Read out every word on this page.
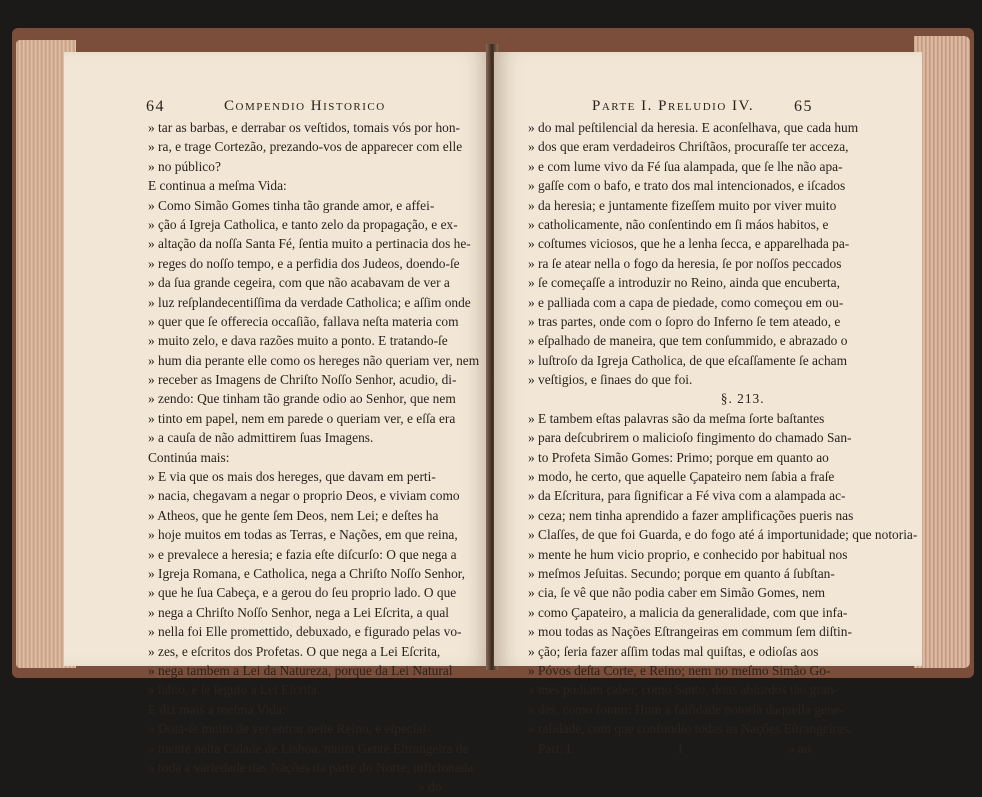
64	Compendio Historico
» tar as barbas, e derrabar os veſtidos, tomais vós por hon-
» ra, e trage Cortezão, prezando-vos de apparecer com elle
» no público?
E continua a meſma Vida:
» Como Simão Gomes tinha tão grande amor, e affei-
» ção á Igreja Catholica, e tanto zelo da propagação, e ex-
» altação da noſſa Santa Fé, ſentia muito a pertinacia dos he-
» reges do noſſo tempo, e a perfidia dos Judeos, doendo-ſe
» da ſua grande cegeira, com que não acabavam de ver a
» luz reſplandecentiſſima da verdade Catholica; e aſſim onde
» quer que ſe offerecia occaſião, fallava neſta materia com
» muito zelo, e dava razões muito a ponto. E tratando-ſe
» hum dia perante elle como os hereges não queriam ver, nem
» receber as Imagens de Chriſto Noſſo Senhor, acudio, di-
» zendo: Que tinham tão grande odio ao Senhor, que nem
» tinto em papel, nem em parede o queriam ver, e eſſa era
» a cauſa de não admittirem ſuas Imagens.
Continúa mais:
» E via que os mais dos hereges, que davam em perti-
» nacia, chegavam a negar o proprio Deos, e viviam como
» Atheos, que he gente ſem Deos, nem Lei; e deſtes ha
» hoje muitos em todas as Terras, e Nações, em que reina,
» e prevalece a heresia; e fazia eſte diſcurſo: O que nega a
» Igreja Romana, e Catholica, nega a Chriſto Noſſo Senhor,
» que he ſua Cabeça, e a gerou do ſeu proprio lado. O que
» nega a Chriſto Noſſo Senhor, nega a Lei Eſcrita, a qual
» nella foi Elle promettido, debuxado, e figurado pelas vo-
» zes, e eſcritos dos Profetas. O que nega a Lei Eſcrita,
» nega tambem a Lei da Natureza, porque da Lei Natural
» ſahio, e ſe ſeguio a Lei Eſcrita.
E diz mais a meſma Vida:
» Doia-ſe muito de ver entrar neſte Reino, e eſpecial-
» mente neſta Cidade de Lisboa, muita Gente Eſtrangeira de
» toda a variedade das Nações da parte do Norte, inficionada
» do
Parte I. Preludio IV. 65
» do mal peſtilencial da heresia. E aconſelhava, que cada hum
» dos que eram verdadeiros Chriſtãos, procuraſſe ter acceza,
» e com lume vivo da Fé ſua alampada, que ſe lhe não apa-
» gaſſe com o bafo, e trato dos mal intencionados, e iſcados
» da heresia; e juntamente fizeſſem muito por viver muito
» catholicamente, não conſentindo em ſi máos habitos, e
» coſtumes viciosos, que he a lenha ſecca, e apparelhada pa-
» ra ſe atear nella o fogo da heresia, ſe por noſſos peccados
» ſe começaſſe a introduzir no Reino, ainda que encuberta,
» e palliada com a capa de piedade, como começou em ou-
» tras partes, onde com o ſopro do Inferno ſe tem ateado, e
» eſpalhado de maneira, que tem conſummido, e abrazado o
» luſtroſo da Igreja Catholica, de que eſcaſſamente ſe acham
» veſtigios, e ſinaes do que foi.
§. 213.
» E tambem eſtas palavras são da meſma ſorte baſtantes
» para deſcubrirem o malicioſo fingimento do chamado San-
» to Profeta Simão Gomes: Primo; porque em quanto ao
» modo, he certo, que aquelle Çapateiro nem ſabia a fraſe
» da Eſcritura, para ſignificar a Fé viva com a alampada ac-
» ceza; nem tinha aprendido a fazer amplificações pueris nas
» Claſſes, de que foi Guarda, e do fogo até á importunidade; que notoria-
» mente he hum vicio proprio, e conhecido por habitual nos
» meſmos Jeſuitas. Secundo; porque em quanto á ſubſtan-
» cia, ſe vê que não podia caber em Simão Gomes, nem
» como Çapateiro, a malicia da generalidade, com que infa-
» mou todas as Nações Eſtrangeiras em commum ſem diſtin-
» ção; ſeria fazer aſſim todas mal quiſtas, e odioſas aos
» Póvos deſta Corte, e Reino; nem no meſmo Simão Go-
» mes podiam caber, como Santo, dous abſurdos tão gran-
» des, como foram: Hum a falſidade notoria daquella gene-
» ralidade, com que confundio todas as Nações Eſtrangeiras,
Part. I.	I	» ao
